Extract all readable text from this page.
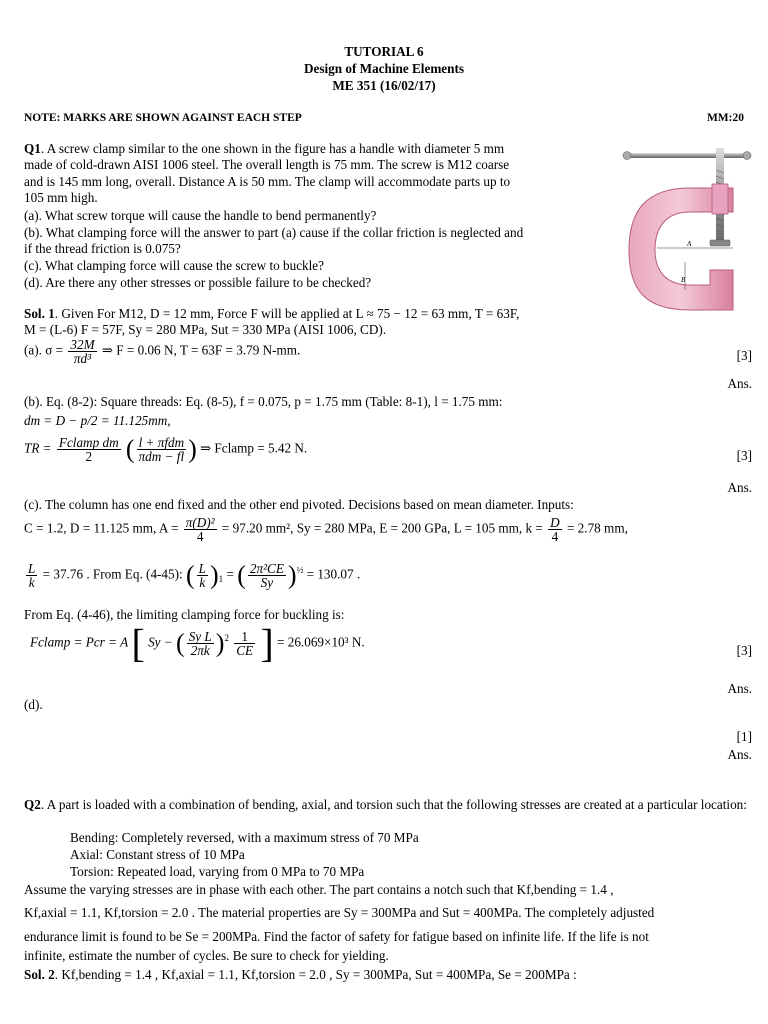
TUTORIAL 6
Design of Machine Elements
ME 351 (16/02/17)
NOTE: MARKS ARE SHOWN AGAINST EACH STEP	MM:20
Q1. A screw clamp similar to the one shown in the figure has a handle with diameter 5 mm
made of cold-drawn AISI 1006 steel. The overall length is 75 mm. The screw is M12 coarse
and is 145 mm long, overall. Distance A is 50 mm. The clamp will accommodate parts up to
105 mm high.
(a). What screw torque will cause the handle to bend permanently?
(b). What clamping force will the answer to part (a) cause if the collar friction is neglected and
if the thread friction is 0.075?
(c). What clamping force will cause the screw to buckle?
(d). Are there any other stresses or possible failure to be checked?
A
B
Sol. 1. Given For M12, D = 12 mm, Force F will be applied at L ≈ 75 − 12 = 63 mm, T = 63F,
M = (L-6) F = 57F, Sy = 280 MPa, Sut = 330 MPa (AISI 1006, CD).
(a). $\sigma = \frac{32M}{\text{πd³}}$ ⇒ F = 0.06 N, T = 63F = 3.79 N-mm.	[3]
Ans.
(b). Eq. (8-2): Square threads: Eq. (8-5), f = 0.075, p = 1.75 mm (Table: 8-1), l = 1.75 mm:
dm = D − p/2 = 11.125mm,
TR = $\frac{\text{Fclamp dm}}{2}$ ( $\frac{\text{l + πfdm}}{\text{πdm − fl}}$ ) ⇒ Fclamp = 5.42 N.	[3]
Ans.
(c). The column has one end fixed and the other end pivoted. Decisions based on mean diameter. Inputs:
C = 1.2, D = 11.125 mm, $A = \frac{\text{π(D)²}}{4} = 97.20$ mm², Sy = 280 MPa, E = 200 GPa, L = 105 mm, $k = \frac{D}{4} = 2.78$ mm,
$\frac{L}{k} = 37.76$ . From Eq. (4-45): ( $\frac{L}{k} )_1$ = ( $\frac{\text{2π²CE}}{Sy} )^{\frac{1}{2}} = 130.07$ .
From Eq. (4-46), the limiting clamping force for buckling is:
Fclamp = Pcr = A [ Sy − ( $\frac{\text{Sy L}}{2\pi k} )^2 \frac{1}{CE}$ ] = 26.069×10³ N.
[3]
Ans.
(d).
[1]
Ans.
Q2. A part is loaded with a combination of bending, axial, and torsion such that the following stresses are created at a particular location:
Bending: Completely reversed, with a maximum stress of 70 MPa
Axial: Constant stress of 10 MPa
Torsion: Repeated load, varying from 0 MPa to 70 MPa
Assume the varying stresses are in phase with each other. The part contains a notch such that Kf,bending = 1.4 ,
Kf,axial = 1.1, Kf,torsion = 2.0 . The material properties are Sy = 300MPa and Sut = 400MPa. The completely adjusted
endurance limit is found to be Se = 200MPa. Find the factor of safety for fatigue based on infinite life. If the life is not
infinite, estimate the number of cycles. Be sure to check for yielding.
Sol. 2. Kf,bending = 1.4 , Kf,axial = 1.1, Kf,torsion = 2.0 , Sy = 300MPa, Sut = 400MPa, Se = 200MPa :
